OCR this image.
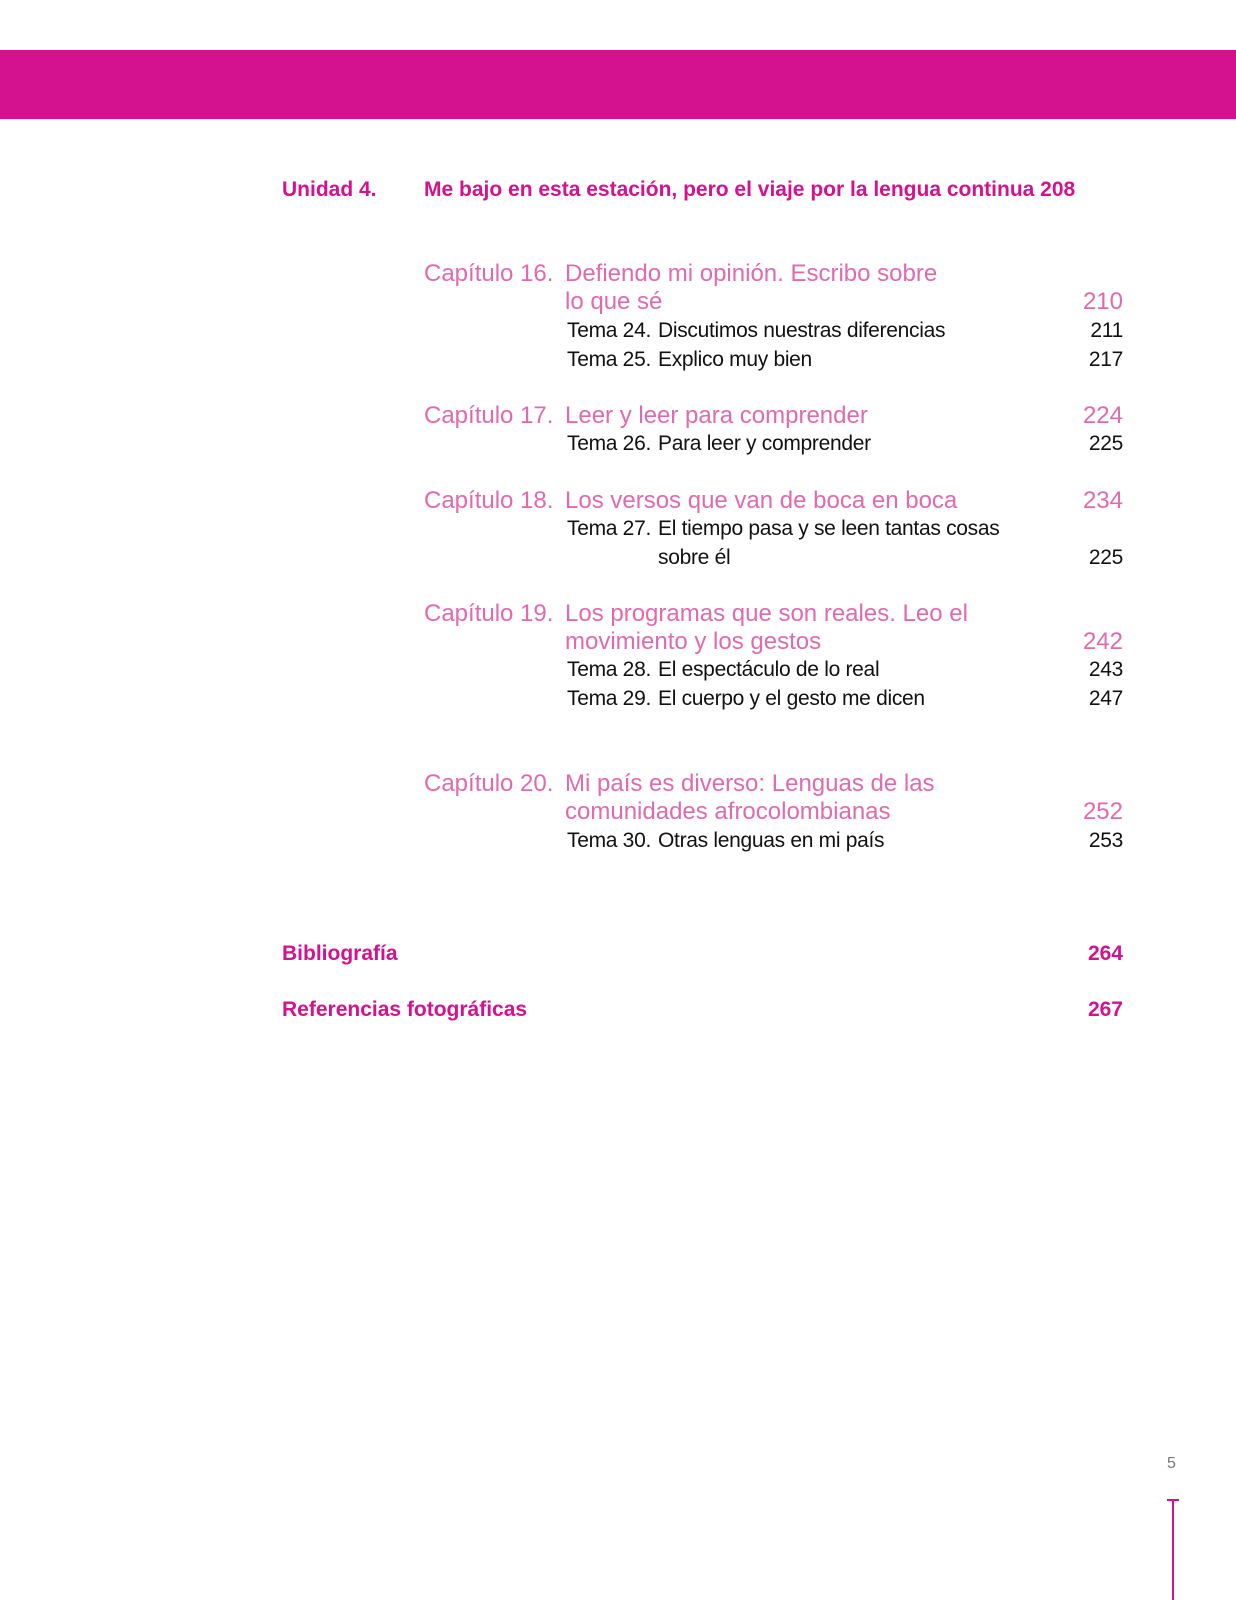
Unidad 4. Me bajo en esta estación, pero el viaje por la lengua continua 208
Capítulo 16. Defiendo mi opinión. Escribo sobre
lo que sé	210
Tema 24. Discutimos nuestras diferencias	211
Tema 25. Explico muy bien	217
Capítulo 17. Leer y leer para comprender	224
Tema 26. Para leer y comprender	225
Capítulo 18. Los versos que van de boca en boca	234
Tema 27. El tiempo pasa y se leen tantas cosas
sobre él	225
Capítulo 19. Los programas que son reales. Leo el
movimiento y los gestos	242
Tema 28. El espectáculo de lo real	243
Tema 29. El cuerpo y el gesto me dicen	247
Capítulo 20. Mi país es diverso: Lenguas de las
comunidades afrocolombianas	252
Tema 30. Otras lenguas en mi país	253
Bibliografía	264
Referencias fotográficas	267
5
